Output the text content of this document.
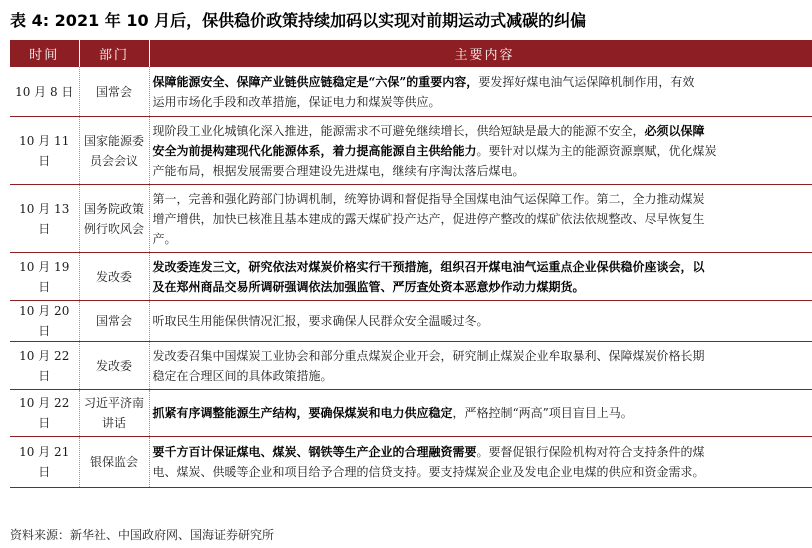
表 4: 2021 年 10 月后，保供稳价政策持续加码以实现对前期运动式减碳的纠偏
时间	部门	主要内容
10 月 8 日	国常会	保障能源安全、保障产业链供应链稳定是“六保”的重要内容，要发挥好煤电油气运保障机制作用，有效
运用市场化手段和改革措施，保证电力和煤炭等供应。

10 月 11 日	国家能源委员会会议	现阶段工业化城镇化深入推进，能源需求不可避免继续增长，供给短缺是最大的能源不安全，必须以保障
安全为前提构建现代化能源体系，着力提高能源自主供给能力。要针对以煤为主的能源资源禀赋，优化煤炭
产能布局，根据发展需要合理建设先进煤电，继续有序淘汰落后煤电。

10 月 13 日	国务院政策例行吹风会	第一，完善和强化跨部门协调机制，统筹协调和督促指导全国煤电油气运保障工作。第二，全力推动煤炭
增产增供，加快已核准且基本建成的露天煤矿投产达产，促进停产整改的煤矿依法依规整改、尽早恢复生
产。

10 月 19 日	发改委	发改委连发三文，研究依法对煤炭价格实行干预措施，组织召开煤电油气运重点企业保供稳价座谈会，以
及在郑州商品交易所调研强调依法加强监管、严厉查处资本恶意炒作动力煤期货。

10 月 20 日	国常会	听取民生用能保供情况汇报，要求确保人民群众安全温暖过冬。

10 月 22 日	发改委	发改委召集中国煤炭工业协会和部分重点煤炭企业开会，研究制止煤炭企业牟取暴利、保障煤炭价格长期
稳定在合理区间的具体政策措施。

10 月 22 日	习近平济南讲话	抓紧有序调整能源生产结构，要确保煤炭和电力供应稳定，严格控制“两高”项目盲目上马。

10 月 21 日	银保监会	要千方百计保证煤电、煤炭、钢铁等生产企业的合理融资需要。要督促银行保险机构对符合支持条件的煤
电、煤炭、供暖等企业和项目给予合理的信贷支持。要支持煤炭企业及发电企业电煤的供应和资金需求。
资料来源：新华社、中国政府网、国海证券研究所
